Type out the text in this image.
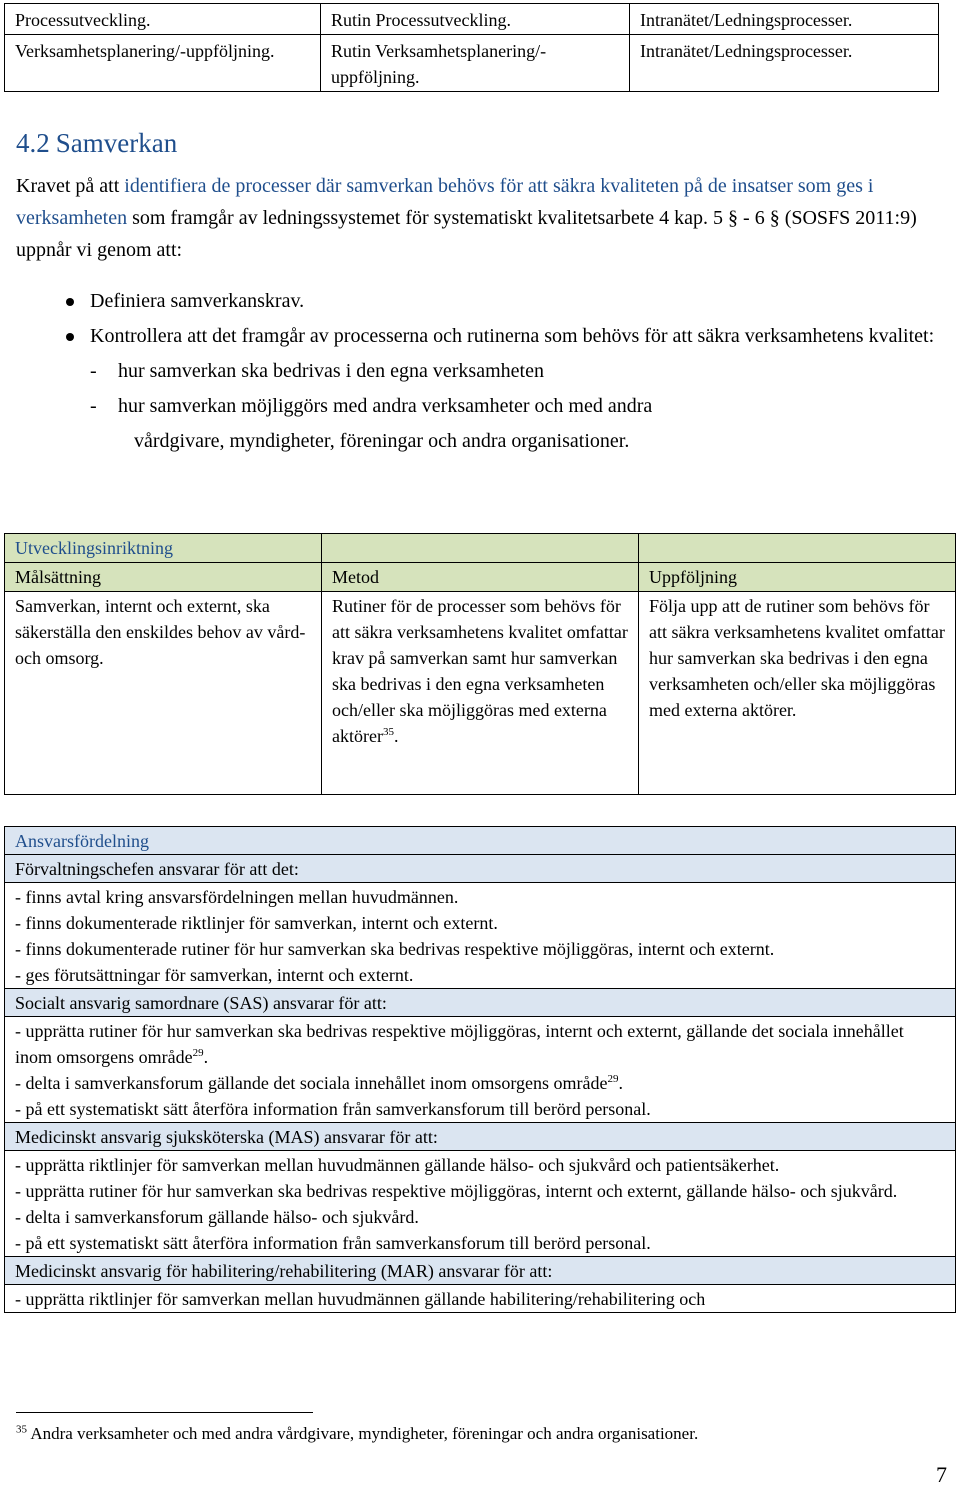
Processutveckling.	Rutin Processutveckling.	Intranätet/Ledningsprocesser.
Verksamhetsplanering/-uppföljning.	Rutin Verksamhetsplanering/-uppföljning.	Intranätet/Ledningsprocesser.
4.2 Samverkan
Kravet på att identifiera de processer där samverkan behövs för att säkra kvaliteten på de insatser som ges i verksamheten som framgår av ledningssystemet för systematiskt kvalitetsarbete 4 kap. 5 § - 6 § (SOSFS 2011:9) uppnår vi genom att:
Definiera samverkanskrav.
Kontrollera att det framgår av processerna och rutinerna som behövs för att säkra verksamhetens kvalitet:
- hur samverkan ska bedrivas i den egna verksamheten
- hur samverkan möjliggörs med andra verksamheter och med andra
vårdgivare, myndigheter, föreningar och andra organisationer.
Utvecklingsinriktning		
Målsättning	Metod	Uppföljning
Samverkan, internt och externt, ska säkerställa den enskildes behov av vård- och omsorg.	Rutiner för de processer som behövs för att säkra verksamhetens kvalitet omfattar krav på samverkan samt hur samverkan ska bedrivas i den egna verksamheten och/eller ska möjliggöras med externa aktörer$^{35}$.	Följa upp att de rutiner som behövs för att säkra verksamhetens kvalitet omfattar hur samverkan ska bedrivas i den egna verksamheten och/eller ska möjliggöras med externa aktörer.
Ansvarsfördelning
Förvaltningschefen ansvarar för att det:

- finns avtal kring ansvarsfördelningen mellan huvudmännen.
- finns dokumenterade riktlinjer för samverkan, internt och externt.
- finns dokumenterade rutiner för hur samverkan ska bedrivas respektive möjliggöras, internt och externt.
- ges förutsättningar för samverkan, internt och externt.

Socialt ansvarig samordnare (SAS) ansvarar för att:

- upprätta rutiner för hur samverkan ska bedrivas respektive möjliggöras, internt och externt, gällande det sociala innehållet inom omsorgens område$^{29}$.
- delta i samverkansforum gällande det sociala innehållet inom omsorgens område$^{29}$.
- på ett systematiskt sätt återföra information från samverkansforum till berörd personal.

Medicinskt ansvarig sjuksköterska (MAS) ansvarar för att:

- upprätta riktlinjer för samverkan mellan huvudmännen gällande hälso- och sjukvård och patientsäkerhet.
- upprätta rutiner för hur samverkan ska bedrivas respektive möjliggöras, internt och externt, gällande hälso- och sjukvård.
- delta i samverkansforum gällande hälso- och sjukvård.
- på ett systematiskt sätt återföra information från samverkansforum till berörd personal.

Medicinskt ansvarig för habilitering/rehabilitering (MAR) ansvarar för att:

- upprätta riktlinjer för samverkan mellan huvudmännen gällande habilitering/rehabilitering och
$^{35}$ Andra verksamheter och med andra vårdgivare, myndigheter, föreningar och andra organisationer.
7
